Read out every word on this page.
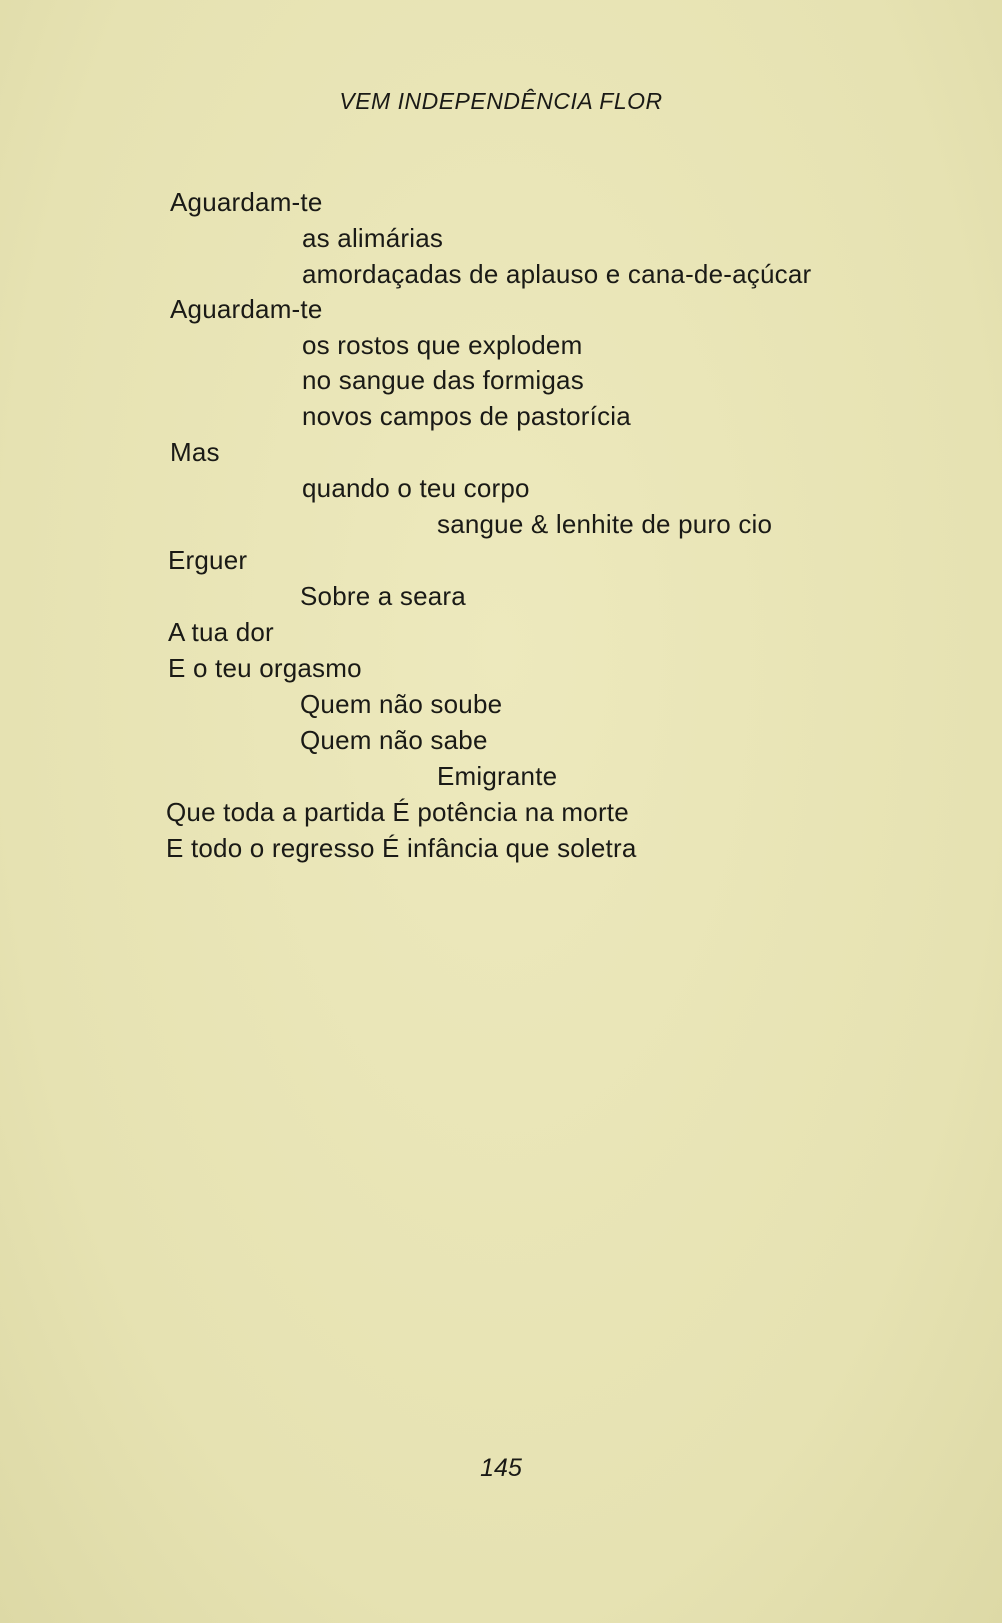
VEM INDEPENDÊNCIA FLOR
Aguardam-te
as alimárias
amordaçadas de aplauso e cana-de-açúcar
Aguardam-te
os rostos que explodem
no sangue das formigas
novos campos de pastorícia
Mas
quando o teu corpo
sangue & lenhite de puro cio
Erguer
Sobre a seara
A tua dor
E o teu orgasmo
Quem não soube
Quem não sabe
Emigrante
Que toda a partida É potência na morte
E todo o regresso É infância que soletra
145
